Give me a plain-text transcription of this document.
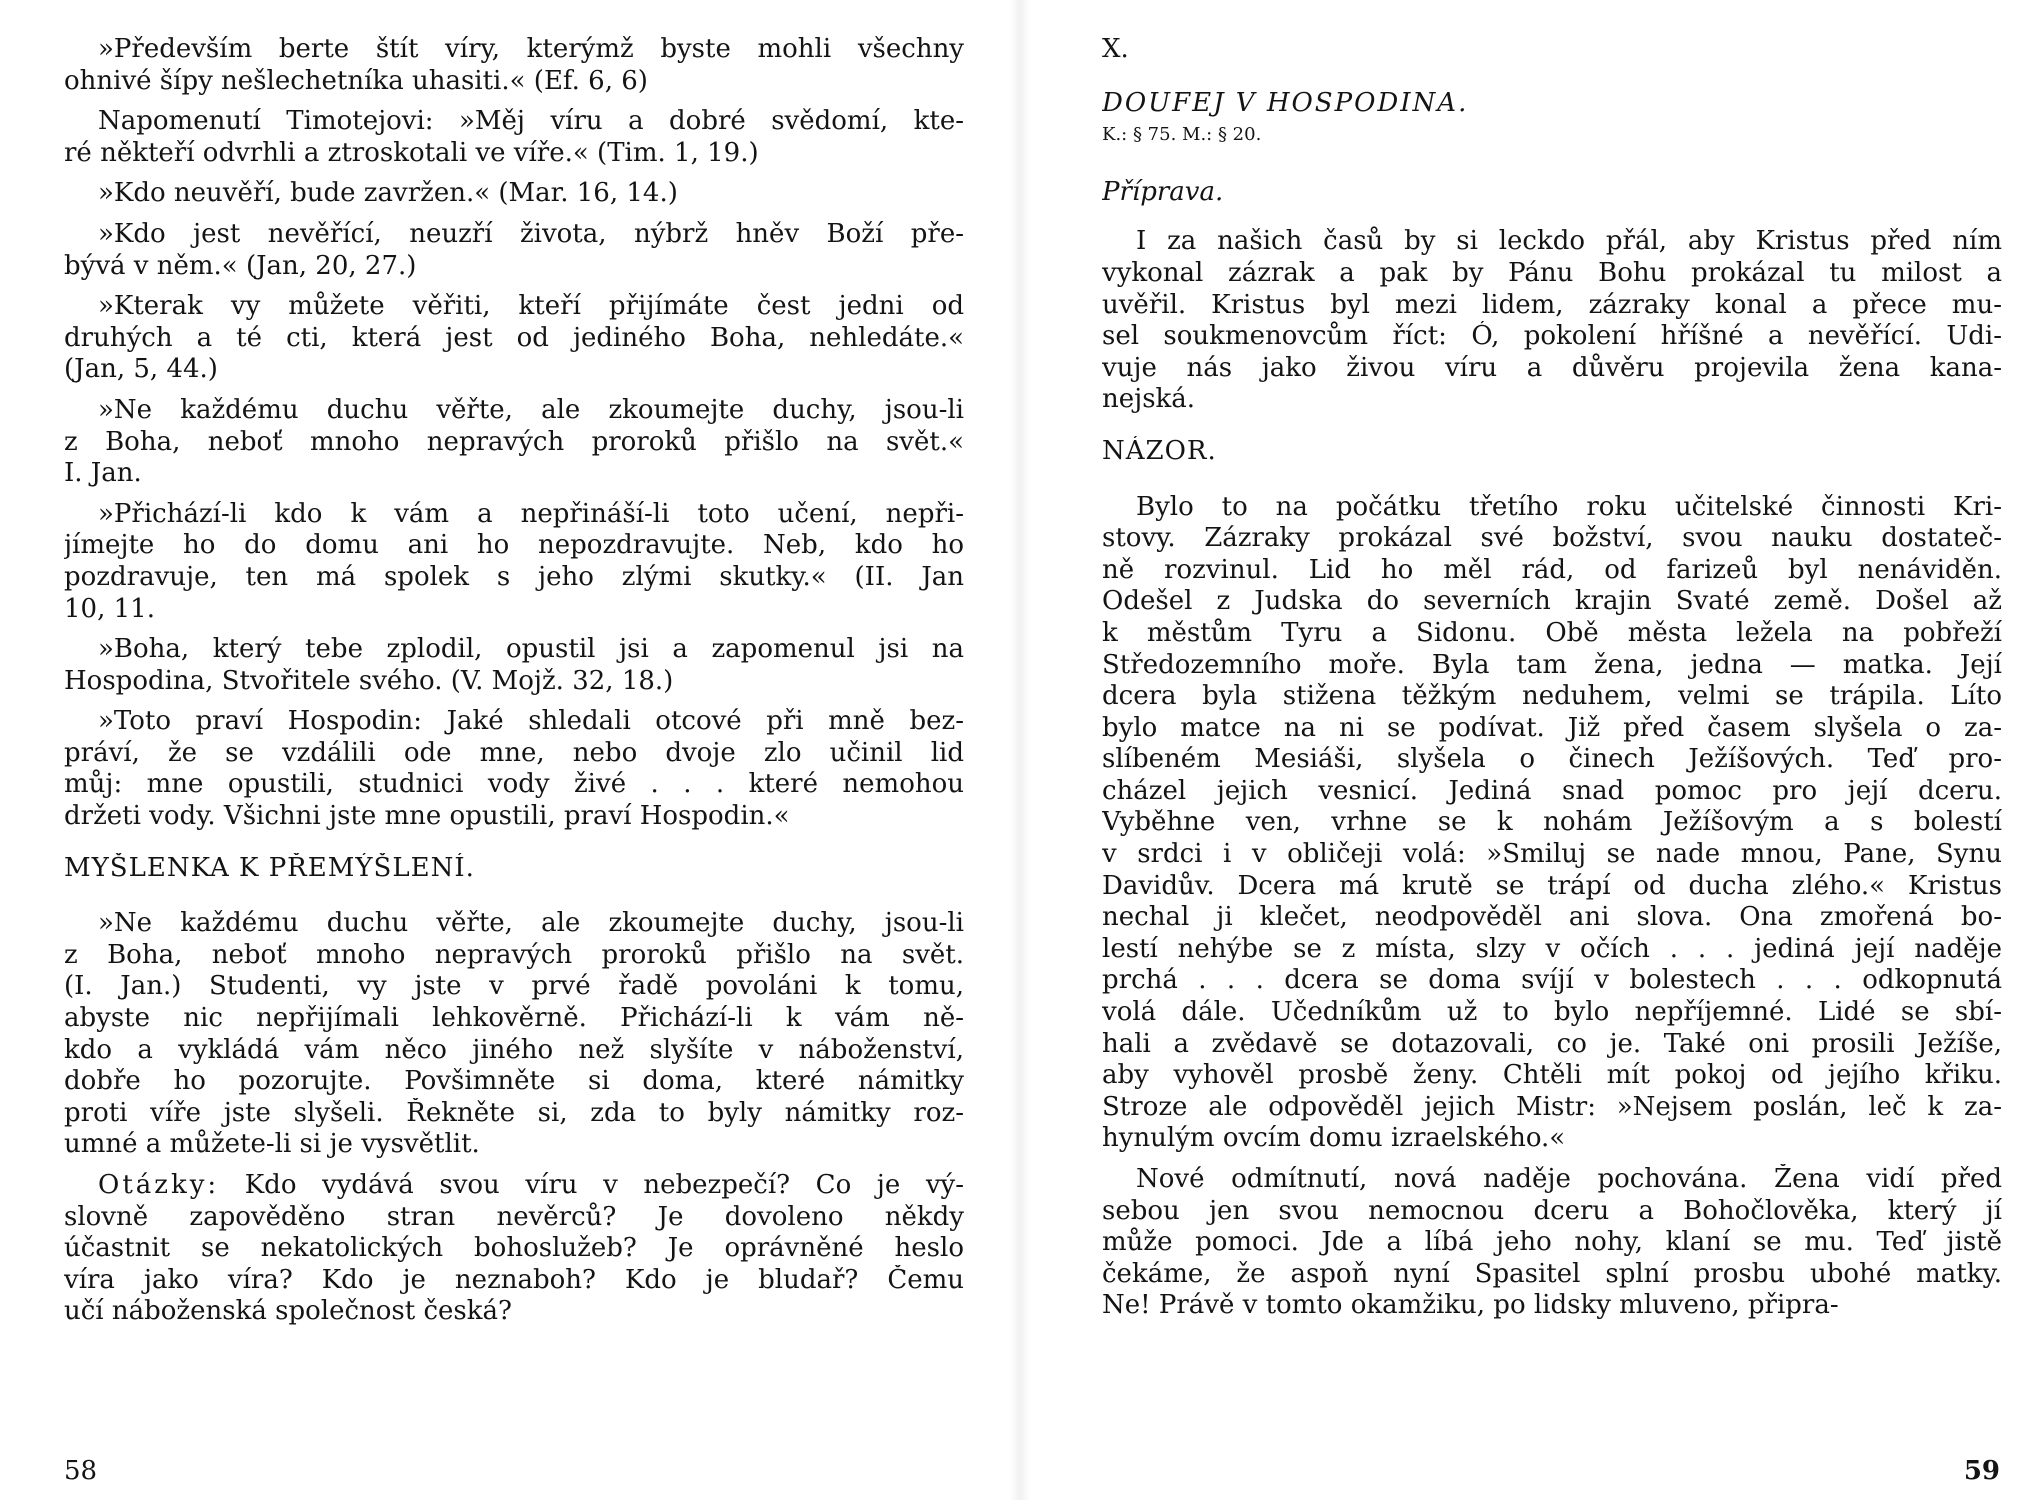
»Především berte štít víry, kterýmž byste mohli všechny
ohnivé šípy nešlechetníka uhasiti.« (Ef. 6, 6)
Napomenutí Timotejovi: »Měj víru a dobré svědomí, kte-
ré někteří odvrhli a ztroskotali ve víře.« (Tim. 1, 19.)
»Kdo neuvěří, bude zavržen.« (Mar. 16, 14.)
»Kdo jest nevěřící, neuzří života, nýbrž hněv Boží pře-
bývá v něm.« (Jan, 20, 27.)
»Kterak vy můžete věřiti, kteří přijímáte čest jedni od
druhých a té cti, která jest od jediného Boha, nehledáte.«
(Jan, 5, 44.)
»Ne každému duchu věřte, ale zkoumejte duchy, jsou-li
z Boha, neboť mnoho nepravých proroků přišlo na svět.«
I. Jan.
»Přichází-li kdo k vám a nepřináší-li toto učení, nepři-
jímejte ho do domu ani ho nepozdravujte. Neb, kdo ho
pozdravuje, ten má spolek s jeho zlými skutky.« (II. Jan
10, 11.
»Boha, který tebe zplodil, opustil jsi a zapomenul jsi na
Hospodina, Stvořitele svého. (V. Mojž. 32, 18.)
»Toto praví Hospodin: Jaké shledali otcové při mně bez-
práví, že se vzdálili ode mne, nebo dvoje zlo učinil lid
můj: mne opustili, studnici vody živé . . . které nemohou
držeti vody. Všichni jste mne opustili, praví Hospodin.«
MYŠLENKA K PŘEMÝŠLENÍ.
»Ne každému duchu věřte, ale zkoumejte duchy, jsou-li
z Boha, neboť mnoho nepravých proroků přišlo na svět.
(I. Jan.) Studenti, vy jste v prvé řadě povoláni k tomu,
abyste nic nepřijímali lehkověrně. Přichází-li k vám ně-
kdo a vykládá vám něco jiného než slyšíte v náboženství,
dobře ho pozorujte. Povšimněte si doma, které námitky
proti víře jste slyšeli. Řekněte si, zda to byly námitky roz-
umné a můžete-li si je vysvětlit.
Otázky: Kdo vydává svou víru v nebezpečí? Co je vý-
slovně zapověděno stran nevěrců? Je dovoleno někdy
účastnit se nekatolických bohoslužeb? Je oprávněné heslo
víra jako víra? Kdo je neznaboh? Kdo je bludař? Čemu
učí náboženská společnost česká?
58
X.
DOUFEJ V HOSPODINA.
K.: § 75. M.: § 20.
Příprava.
I za našich časů by si leckdo přál, aby Kristus před ním
vykonal zázrak a pak by Pánu Bohu prokázal tu milost a
uvěřil. Kristus byl mezi lidem, zázraky konal a přece mu-
sel soukmenovcům říct: Ó, pokolení hříšné a nevěřící. Udi-
vuje nás jako živou víru a důvěru projevila žena kana-
nejská.
NÁZOR.
Bylo to na počátku třetího roku učitelské činnosti Kri-
stovy. Zázraky prokázal své božství, svou nauku dostateč-
ně rozvinul. Lid ho měl rád, od farizeů byl nenáviděn.
Odešel z Judska do severních krajin Svaté země. Došel až
k městům Tyru a Sidonu. Obě města ležela na pobřeží
Středozemního moře. Byla tam žena, jedna — matka. Její
dcera byla stižena těžkým neduhem, velmi se trápila. Líto
bylo matce na ni se podívat. Již před časem slyšela o za-
slíbeném Mesiáši, slyšela o činech Ježíšových. Teď pro-
cházel jejich vesnicí. Jediná snad pomoc pro její dceru.
Vyběhne ven, vrhne se k nohám Ježíšovým a s bolestí
v srdci i v obličeji volá: »Smiluj se nade mnou, Pane, Synu
Davidův. Dcera má krutě se trápí od ducha zlého.« Kristus
nechal ji klečet, neodpověděl ani slova. Ona zmořená bo-
lestí nehýbe se z místa, slzy v očích . . . jediná její naděje
prchá . . . dcera se doma svíjí v bolestech . . . odkopnutá
volá dále. Učedníkům už to bylo nepříjemné. Lidé se sbí-
hali a zvědavě se dotazovali, co je. Také oni prosili Ježíše,
aby vyhověl prosbě ženy. Chtěli mít pokoj od jejího křiku.
Stroze ale odpověděl jejich Mistr: »Nejsem poslán, leč k za-
hynulým ovcím domu izraelského.«
Nové odmítnutí, nová naděje pochována. Žena vidí před
sebou jen svou nemocnou dceru a Bohočlověka, který jí
může pomoci. Jde a líbá jeho nohy, klaní se mu. Teď jistě
čekáme, že aspoň nyní Spasitel splní prosbu ubohé matky.
Ne! Právě v tomto okamžiku, po lidsky mluveno, připra-
59
